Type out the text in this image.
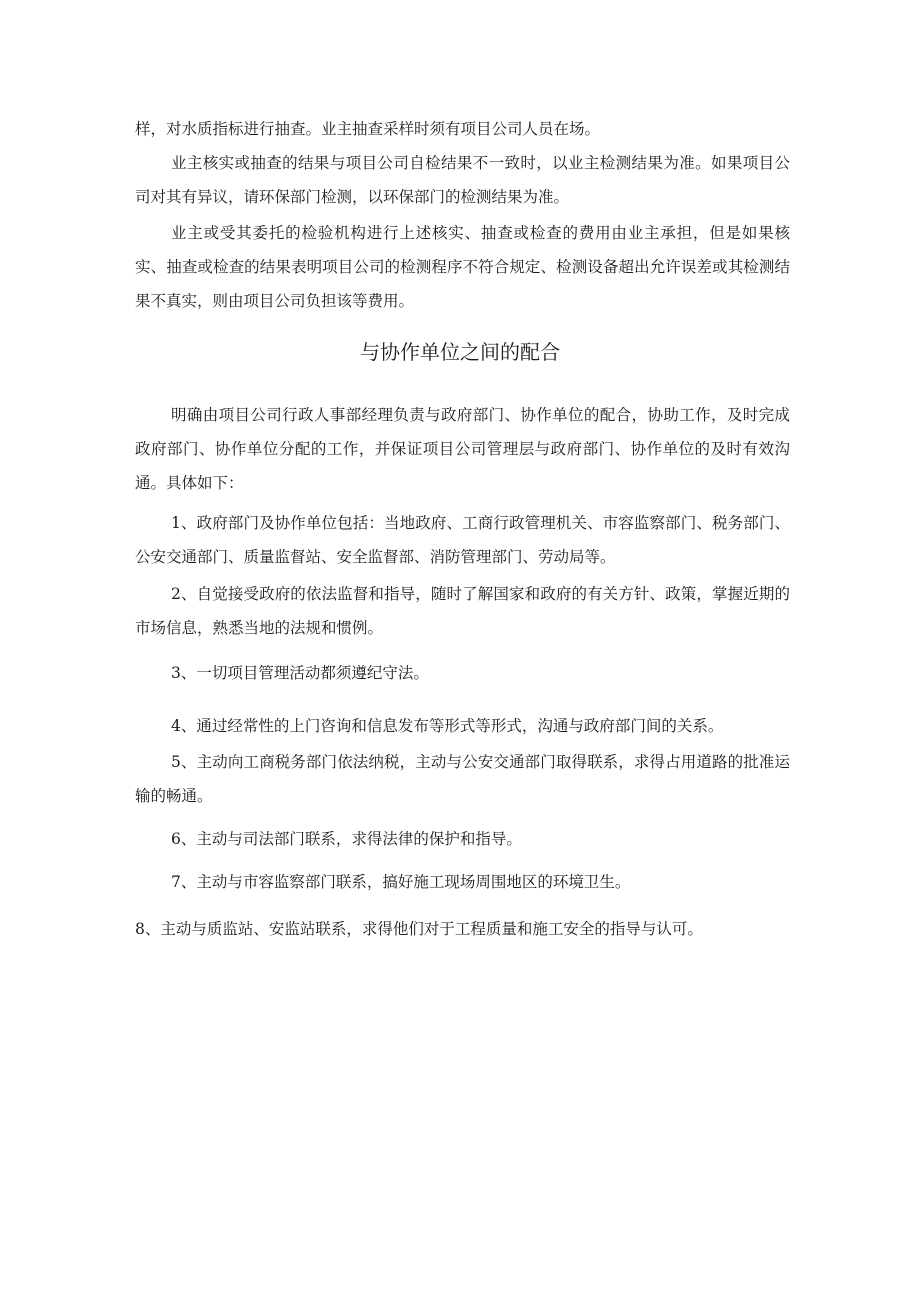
样，对水质指标进行抽查。业主抽查采样时须有项目公司人员在场。

业主核实或抽查的结果与项目公司自检结果不一致时，以业主检测结果为准。如果项目公司对其有异议，请环保部门检测，以环保部门的检测结果为准。

业主或受其委托的检验机构进行上述核实、抽查或检查的费用由业主承担，但是如果核实、抽查或检查的结果表明项目公司的检测程序不符合规定、检测设备超出允许误差或其检测结果不真实，则由项目公司负担该等费用。

与协作单位之间的配合

明确由项目公司行政人事部经理负责与政府部门、协作单位的配合，协助工作，及时完成政府部门、协作单位分配的工作，并保证项目公司管理层与政府部门、协作单位的及时有效沟通。具体如下：

1、政府部门及协作单位包括：当地政府、工商行政管理机关、市容监察部门、税务部门、公安交通部门、质量监督站、安全监督部、消防管理部门、劳动局等。

2、自觉接受政府的依法监督和指导，随时了解国家和政府的有关方针、政策，掌握近期的市场信息，熟悉当地的法规和惯例。

3、一切项目管理活动都须遵纪守法。

4、通过经常性的上门咨询和信息发布等形式等形式，沟通与政府部门间的关系。

5、主动向工商税务部门依法纳税，主动与公安交通部门取得联系，求得占用道路的批准运输的畅通。

6、主动与司法部门联系，求得法律的保护和指导。

7、主动与市容监察部门联系，搞好施工现场周围地区的环境卫生。

8、主动与质监站、安监站联系，求得他们对于工程质量和施工安全的指导与认可。
